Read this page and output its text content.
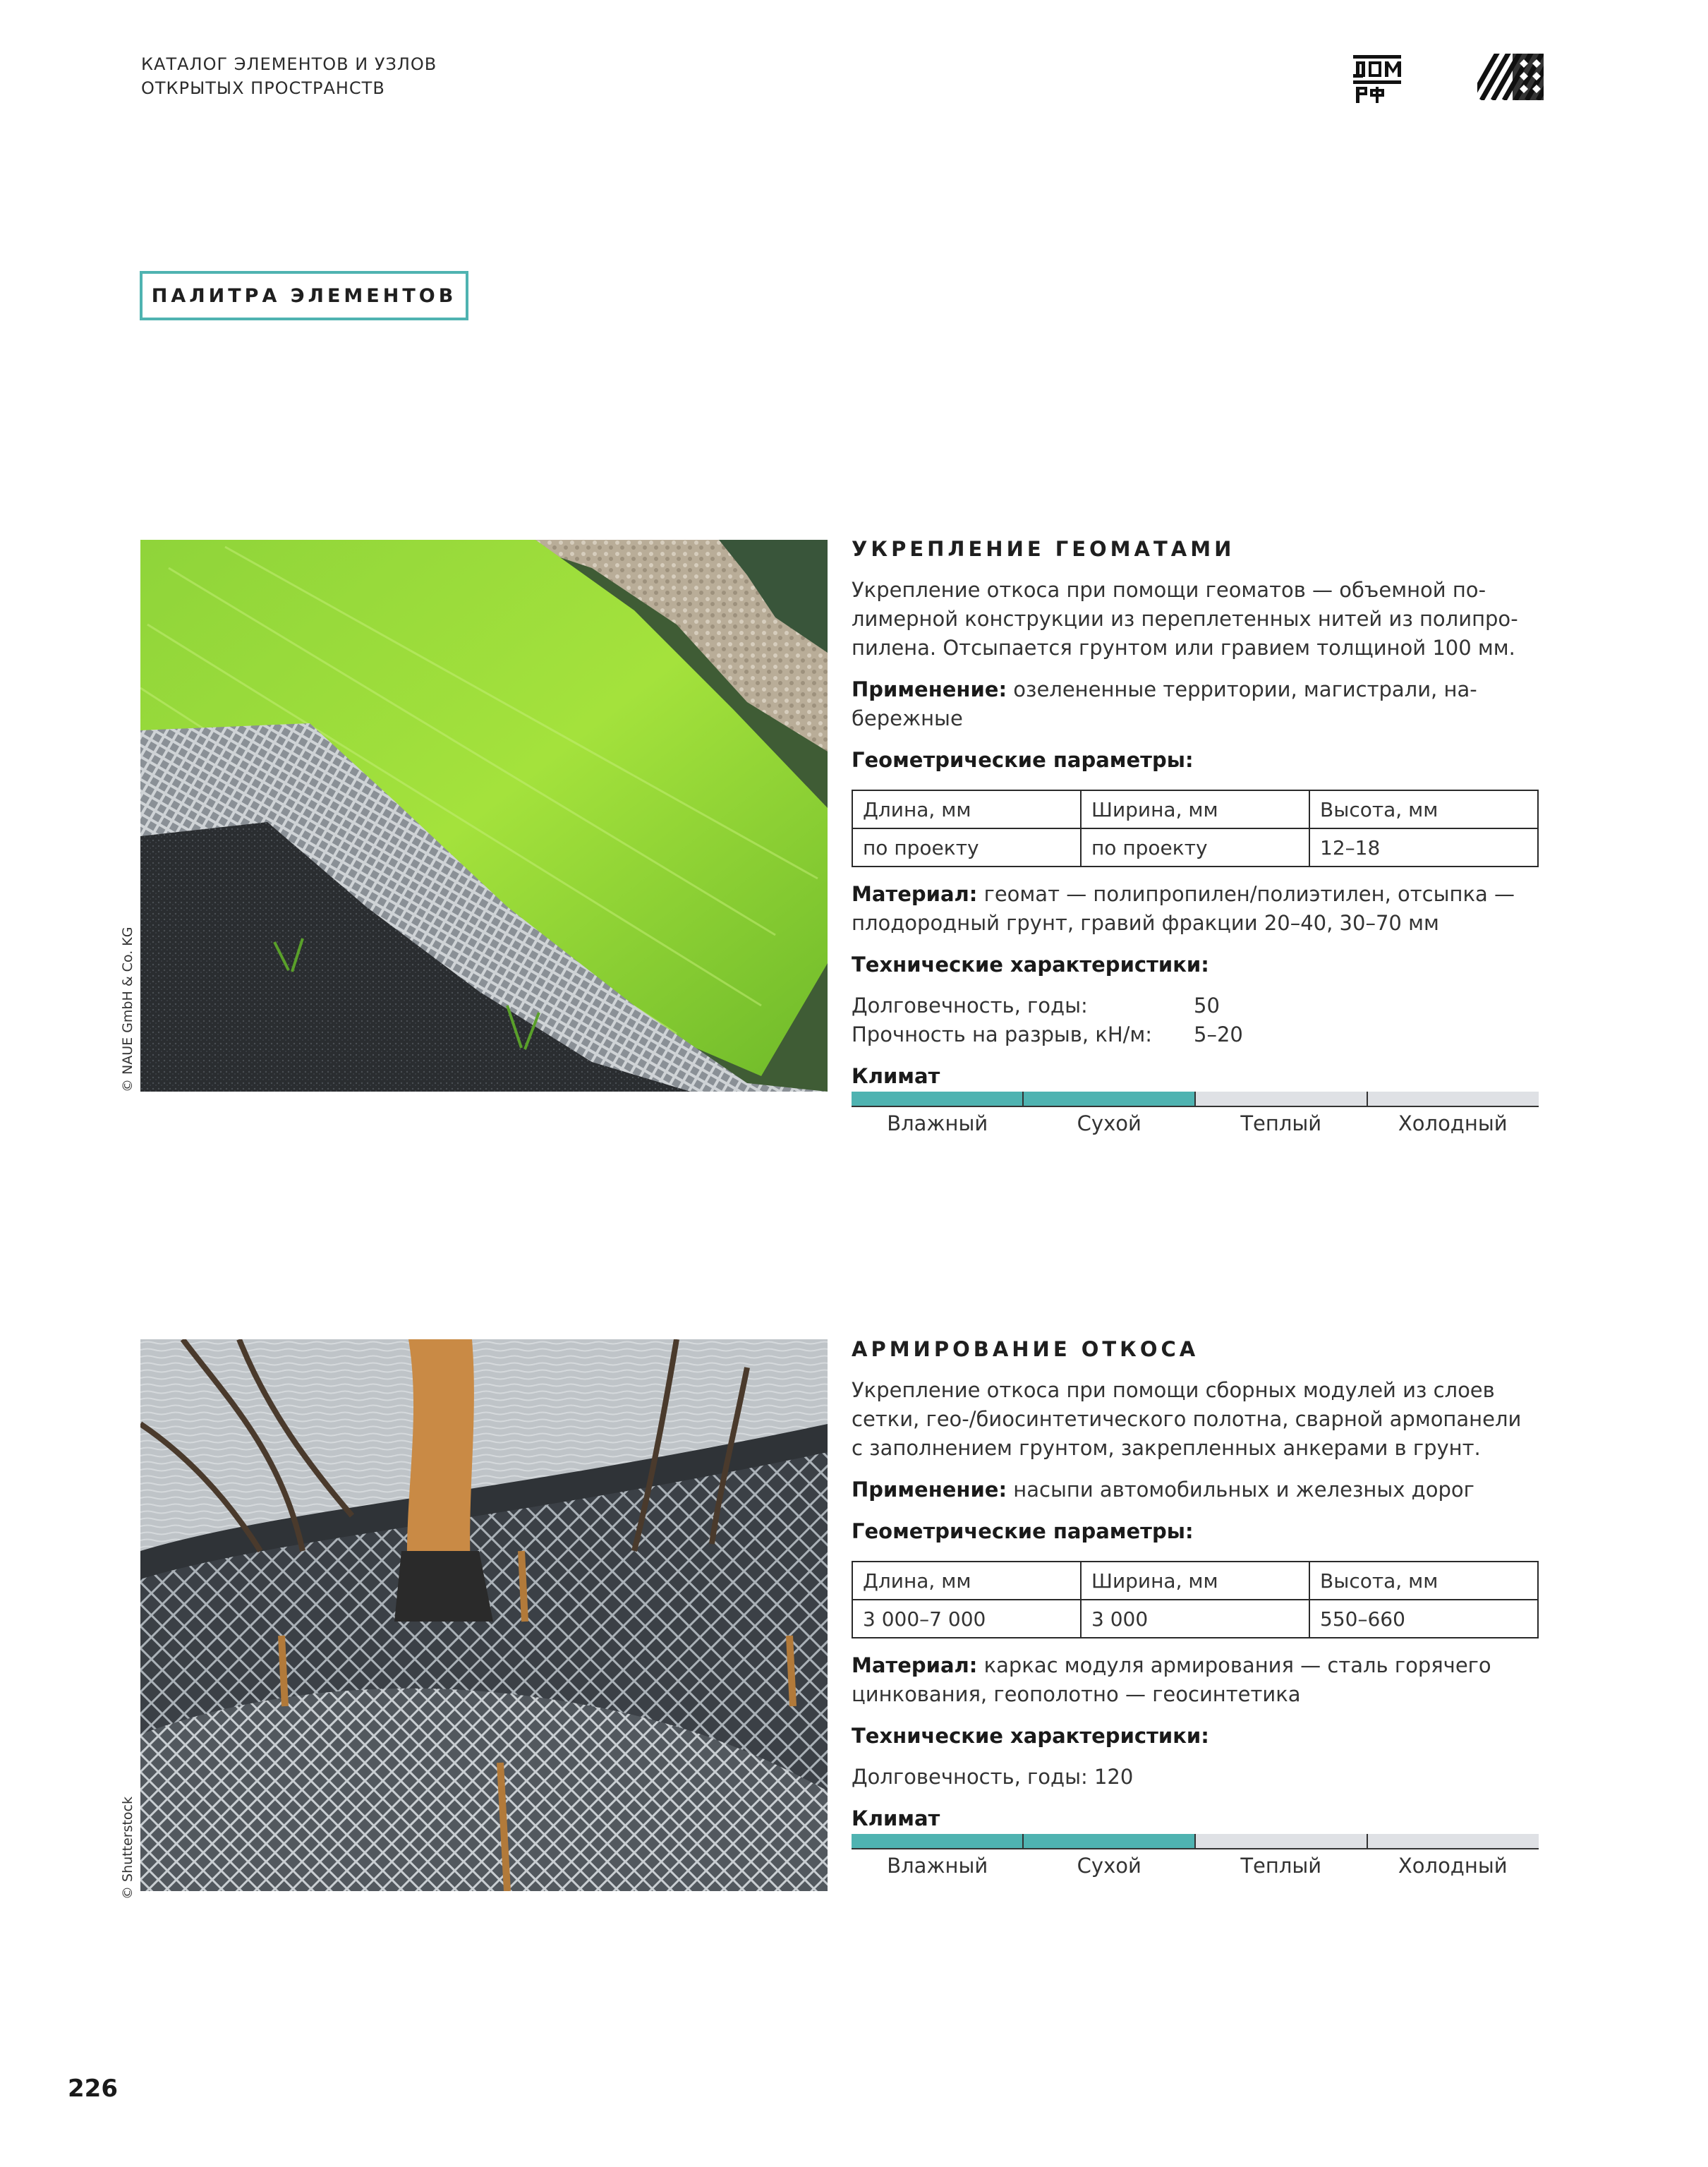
КАТАЛОГ ЭЛЕМЕНТОВ И УЗЛОВ
ОТКРЫТЫХ ПРОСТРАНСТВ
ПАЛИТРА ЭЛЕМЕНТОВ
© NAUE GmbH & Co. KG
УКРЕПЛЕНИЕ ГЕОМАТАМИ
Укрепление откоса при помощи геоматов — объемной полимерной конструкции из переплетенных нитей из полипропилена. Отсыпается грунтом или гравием толщиной 100 мм.
Применение: озелененные территории, магистрали, набережные
Геометрические параметры:
Длина, мм	Ширина, мм	Высота, мм
по проекту	по проекту	12–18
Материал: геомат — полипропилен/полиэтилен, отсыпка — плодородный грунт, гравий фракции 20–40, 30–70 мм
Технические характеристики:
Долговечность, годы:	50
Прочность на разрыв, кН/м:	5–20
Климат
Влажный	Сухой	Теплый	Холодный
© Shutterstock
АРМИРОВАНИЕ ОТКОСА
Укрепление откоса при помощи сборных модулей из слоев сетки, гео-/биосинтетического полотна, сварной армопанели с заполнением грунтом, закрепленных анкерами в грунт.
Применение: насыпи автомобильных и железных дорог
Геометрические параметры:
Длина, мм	Ширина, мм	Высота, мм
3 000–7 000	3 000	550–660
Материал: каркас модуля армирования — сталь горячего цинкования, геополотно — геосинтетика
Технические характеристики:
Долговечность, годы: 120
Климат
Влажный	Сухой	Теплый	Холодный
226
